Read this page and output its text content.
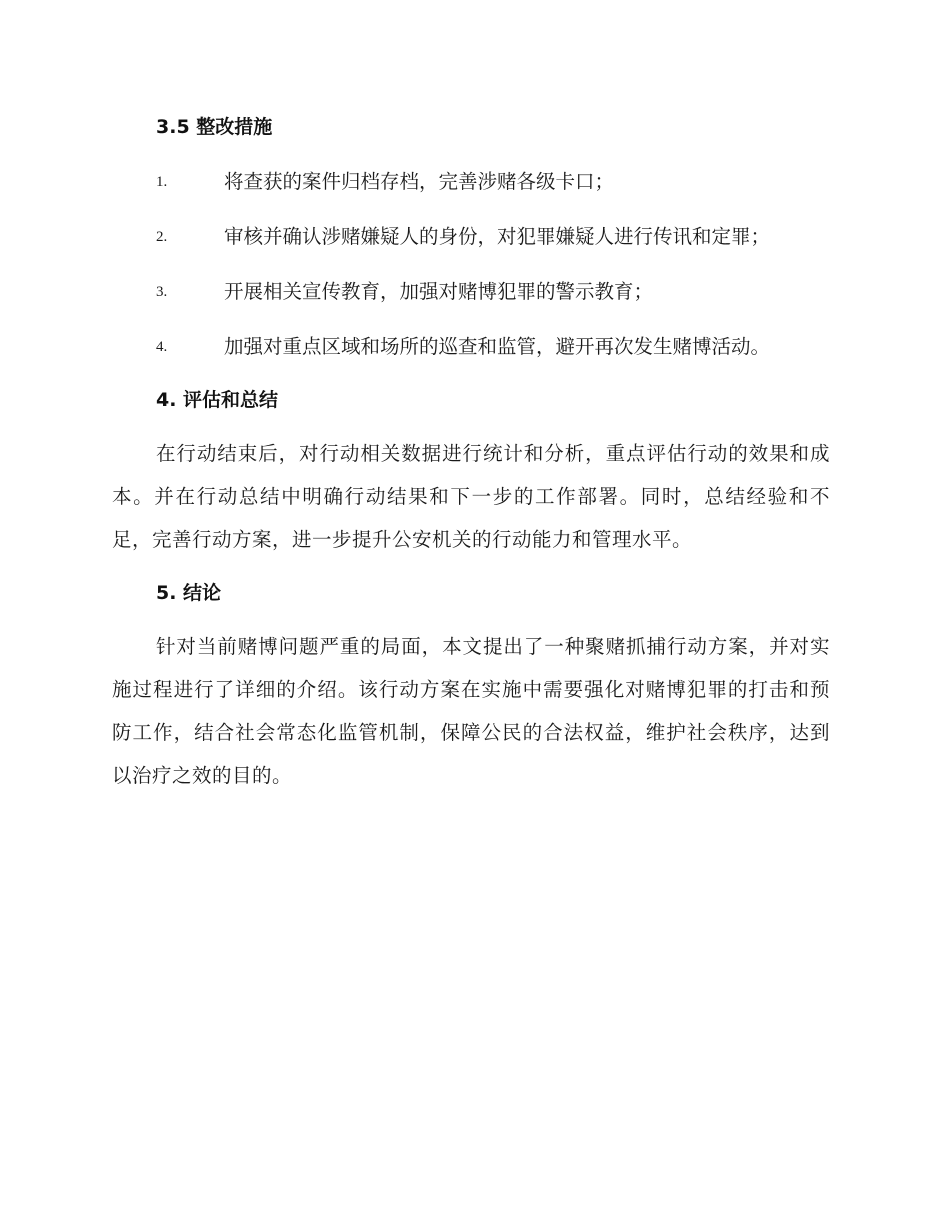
3.5 整改措施
1.	将查获的案件归档存档，完善涉赌各级卡口；
2.	审核并确认涉赌嫌疑人的身份，对犯罪嫌疑人进行传讯和定罪；
3.	开展相关宣传教育，加强对赌博犯罪的警示教育；
4.	加强对重点区域和场所的巡查和监管，避开再次发生赌博活动。
4. 评估和总结

在行动结束后，对行动相关数据进行统计和分析，重点评估行动的效果和成本。并在行动总结中明确行动结果和下一步的工作部署。同时，总结经验和不足，完善行动方案，进一步提升公安机关的行动能力和管理水平。

5. 结论

针对当前赌博问题严重的局面，本文提出了一种聚赌抓捕行动方案，并对实施过程进行了详细的介绍。该行动方案在实施中需要强化对赌博犯罪的打击和预防工作，结合社会常态化监管机制，保障公民的合法权益，维护社会秩序，达到以治疗之效的目的。
